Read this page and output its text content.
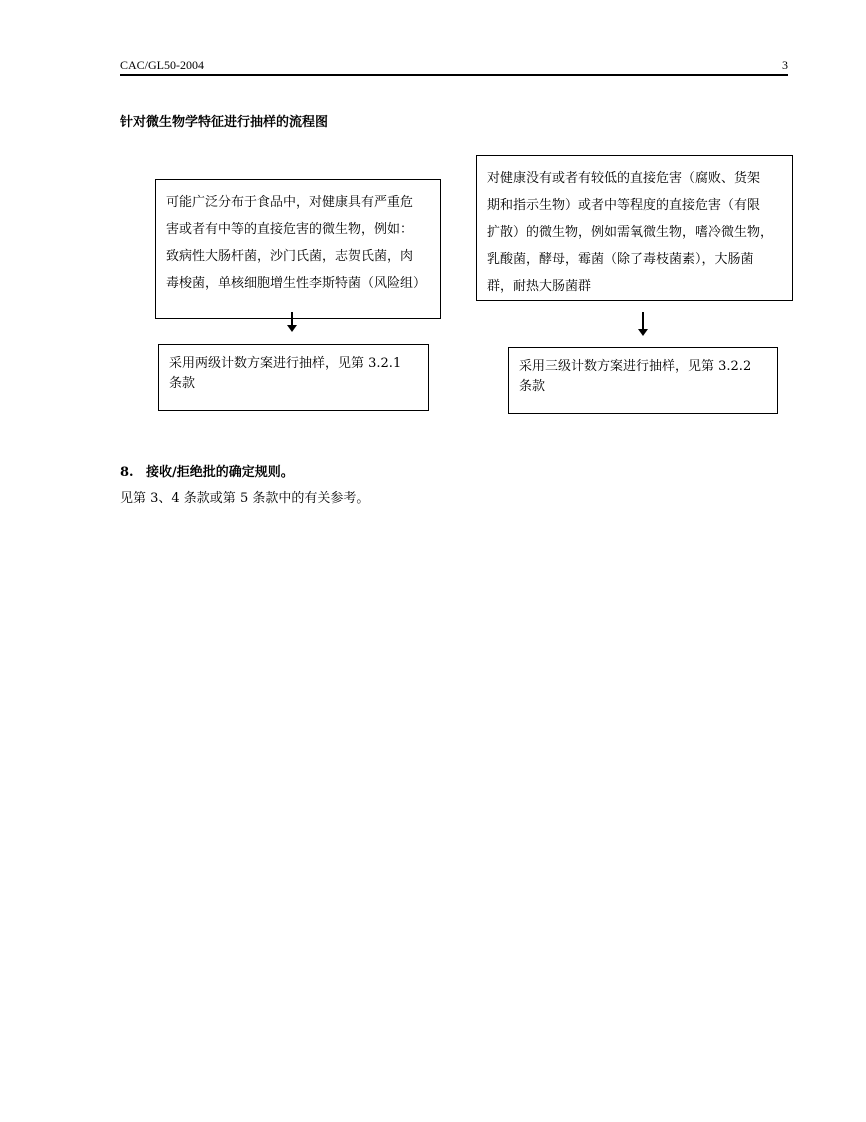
CAC/GL50-2004	3
针对微生物学特征进行抽样的流程图

可能广泛分布于食品中，对健康具有严重危

害或者有中等的直接危害的微生物，例如：

致病性大肠杆菌，沙门氏菌，志贺氏菌，肉

毒梭菌，单核细胞增生性李斯特菌（风险组）

对健康没有或者有较低的直接危害（腐败、货架

期和指示生物）或者中等程度的直接危害（有限

扩散）的微生物，例如需氧微生物，嗜冷微生物，

乳酸菌，酵母，霉菌（除了毒枝菌素），大肠菌

群，耐热大肠菌群

采用两级计数方案进行抽样，见第 3.2.1

条款

采用三级计数方案进行抽样，见第 3.2.2

条款

8. 接收/拒绝批的确定规则。
见第 3、4 条款或第 5 条款中的有关参考。
